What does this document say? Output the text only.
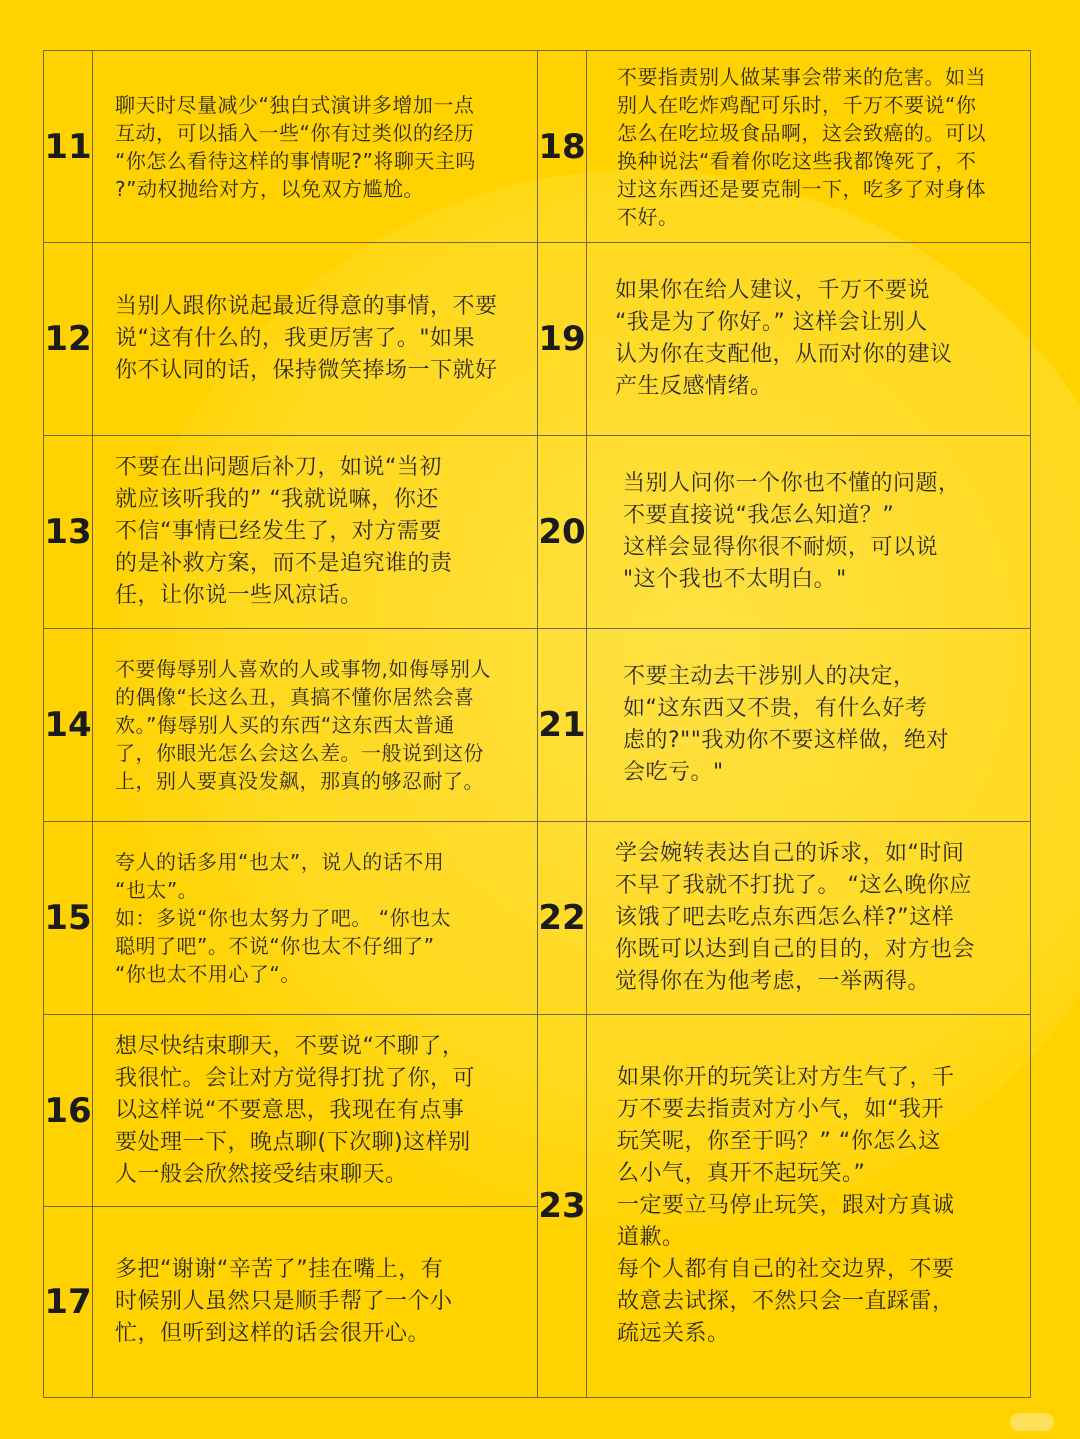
11

聊天时尽量减少“独白式演讲多增加一点
互动，可以插入一些“你有过类似的经历
“你怎么看待这样的事情呢?”将聊天主吗
?”动权抛给对方，以免双方尴尬。

12

当别人跟你说起最近得意的事情，不要
说“这有什么的，我更厉害了。"如果
你不认同的话，保持微笑捧场一下就好

13

不要在出问题后补刀，如说“当初
就应该听我的” “我就说嘛，你还
不信“事情已经发生了，对方需要
的是补救方案，而不是追究谁的责
任，让你说一些风凉话。

14

不要侮辱别人喜欢的人或事物,如侮辱别人
的偶像“长这么丑，真搞不懂你居然会喜
欢。”侮辱别人买的东西“这东西太普通
了，你眼光怎么会这么差。一般说到这份
上，别人要真没发飙，那真的够忍耐了。

15

夸人的话多用“也太”，说人的话不用
“也太”。
如：多说“你也太努力了吧。 “你也太
聪明了吧”。不说“你也太不仔细了”
“你也太不用心了“。

16

想尽快结束聊天，不要说“不聊了，
我很忙。会让对方觉得打扰了你，可
以这样说“不要意思，我现在有点事
要处理一下，晚点聊(下次聊)这样别
人一般会欣然接受结束聊天。

17

多把“谢谢“辛苦了”挂在嘴上，有
时候别人虽然只是顺手帮了一个小
忙，但听到这样的话会很开心。

18

不要指责别人做某事会带来的危害。如当
别人在吃炸鸡配可乐时，千万不要说“你
怎么在吃垃圾食品啊，这会致癌的。可以
换种说法“看着你吃这些我都馋死了，不
过这东西还是要克制一下，吃多了对身体
不好。

19

如果你在给人建议，千万不要说
“我是为了你好。” 这样会让别人
认为你在支配他，从而对你的建议
产生反感情绪。

20

当别人问你一个你也不懂的问题，
不要直接说“我怎么知道？”
这样会显得你很不耐烦，可以说
"这个我也不太明白。"

21

不要主动去干涉别人的决定，
如“这东西又不贵，有什么好考
虑的?""我劝你不要这样做，绝对
会吃亏。"

22

学会婉转表达自己的诉求，如“时间
不早了我就不打扰了。 “这么晚你应
该饿了吧去吃点东西怎么样?”这样
你既可以达到自己的目的，对方也会
觉得你在为他考虑，一举两得。

23

如果你开的玩笑让对方生气了，千
万不要去指责对方小气，如“我开
玩笑呢，你至于吗？” “你怎么这
么小气，真开不起玩笑。”
一定要立马停止玩笑，跟对方真诚
道歉。
每个人都有自己的社交边界，不要
故意去试探，不然只会一直踩雷，
疏远关系。
